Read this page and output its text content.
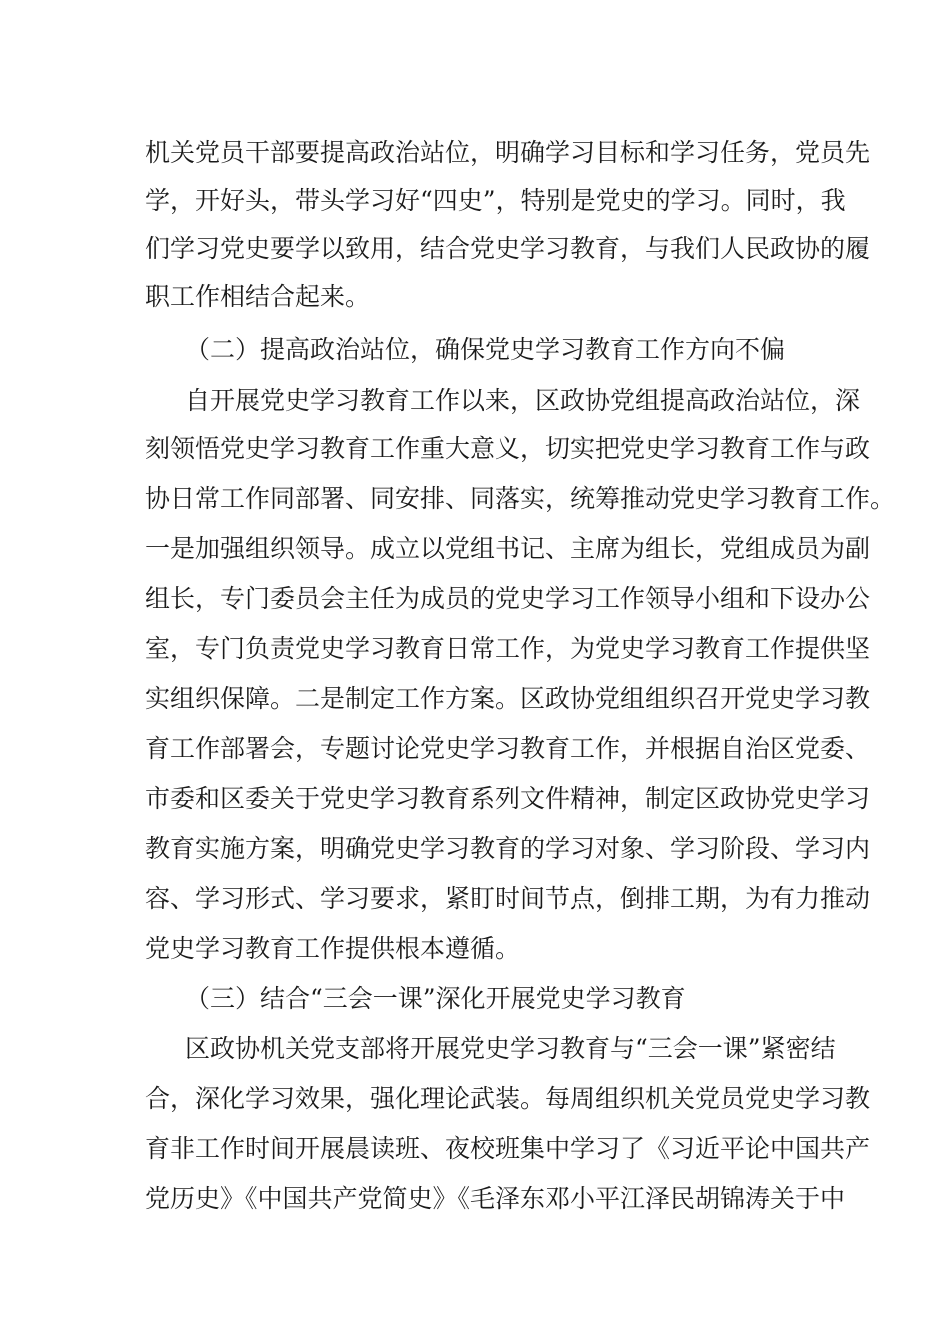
机关党员干部要提高政治站位，明确学习目标和学习任务，党员先
学，开好头，带头学习好“四史”，特别是党史的学习。同时，我
们学习党史要学以致用，结合党史学习教育，与我们人民政协的履
职工作相结合起来。
（二）提高政治站位，确保党史学习教育工作方向不偏
自开展党史学习教育工作以来，区政协党组提高政治站位，深
刻领悟党史学习教育工作重大意义，切实把党史学习教育工作与政
协日常工作同部署、同安排、同落实，统筹推动党史学习教育工作。
一是加强组织领导。成立以党组书记、主席为组长，党组成员为副
组长，专门委员会主任为成员的党史学习工作领导小组和下设办公
室，专门负责党史学习教育日常工作，为党史学习教育工作提供坚
实组织保障。二是制定工作方案。区政协党组组织召开党史学习教
育工作部署会，专题讨论党史学习教育工作，并根据自治区党委、
市委和区委关于党史学习教育系列文件精神，制定区政协党史学习
教育实施方案，明确党史学习教育的学习对象、学习阶段、学习内
容、学习形式、学习要求，紧盯时间节点，倒排工期，为有力推动
党史学习教育工作提供根本遵循。
（三）结合“三会一课”深化开展党史学习教育
区政协机关党支部将开展党史学习教育与“三会一课”紧密结
合，深化学习效果，强化理论武装。每周组织机关党员党史学习教
育非工作时间开展晨读班、夜校班集中学习了《习近平论中国共产
党历史》《中国共产党简史》《毛泽东邓小平江泽民胡锦涛关于中
